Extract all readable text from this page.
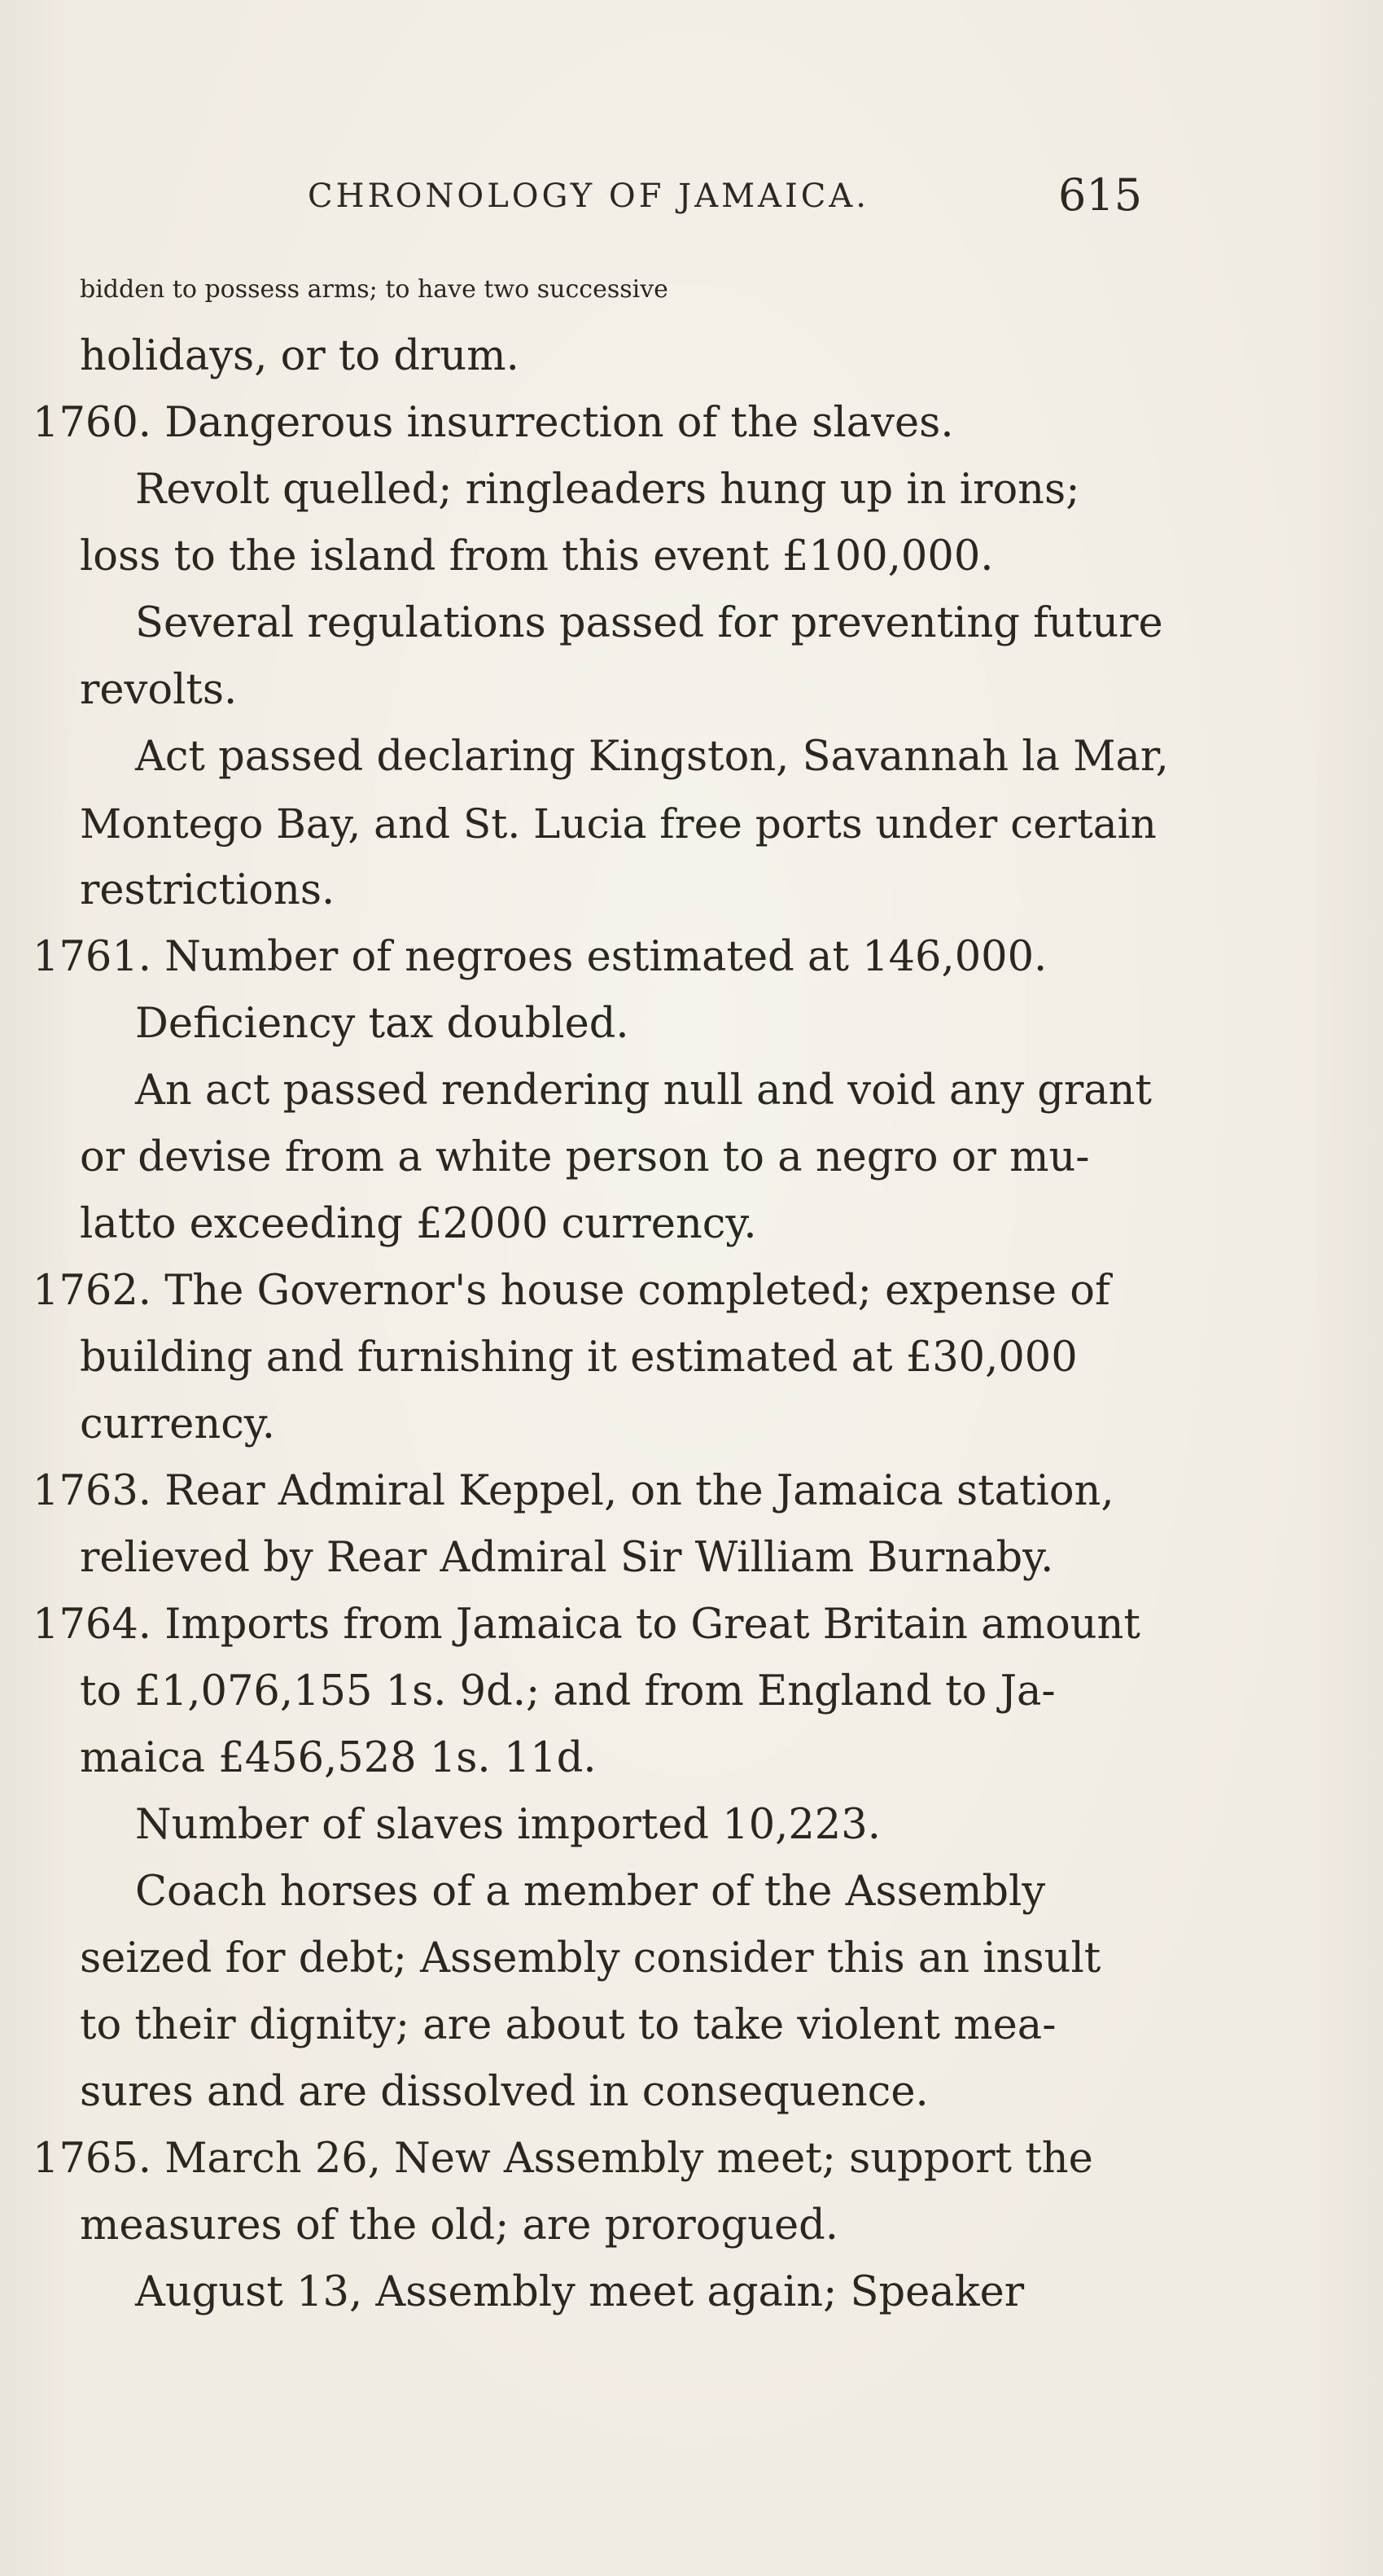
CHRONOLOGY OF JAMAICA.	615
bidden to possess arms; to have two successive
holidays, or to drum.
1760. Dangerous insurrection of the slaves.
Revolt quelled; ringleaders hung up in irons;
loss to the island from this event £100,000.
Several regulations passed for preventing future
revolts.
Act passed declaring Kingston, Savannah la Mar,
Montego Bay, and St. Lucia free ports under certain
restrictions.
1761. Number of negroes estimated at 146,000.
Deficiency tax doubled.
An act passed rendering null and void any grant
or devise from a white person to a negro or mu-
latto exceeding £2000 currency.
1762. The Governor's house completed; expense of
building and furnishing it estimated at £30,000
currency.
1763. Rear Admiral Keppel, on the Jamaica station,
relieved by Rear Admiral Sir William Burnaby.
1764. Imports from Jamaica to Great Britain amount
to £1,076,155 1s. 9d.; and from England to Ja-
maica £456,528 1s. 11d.
Number of slaves imported 10,223.
Coach horses of a member of the Assembly
seized for debt; Assembly consider this an insult
to their dignity; are about to take violent mea-
sures and are dissolved in consequence.
1765. March 26, New Assembly meet; support the
measures of the old; are prorogued.
August 13, Assembly meet again; Speaker
